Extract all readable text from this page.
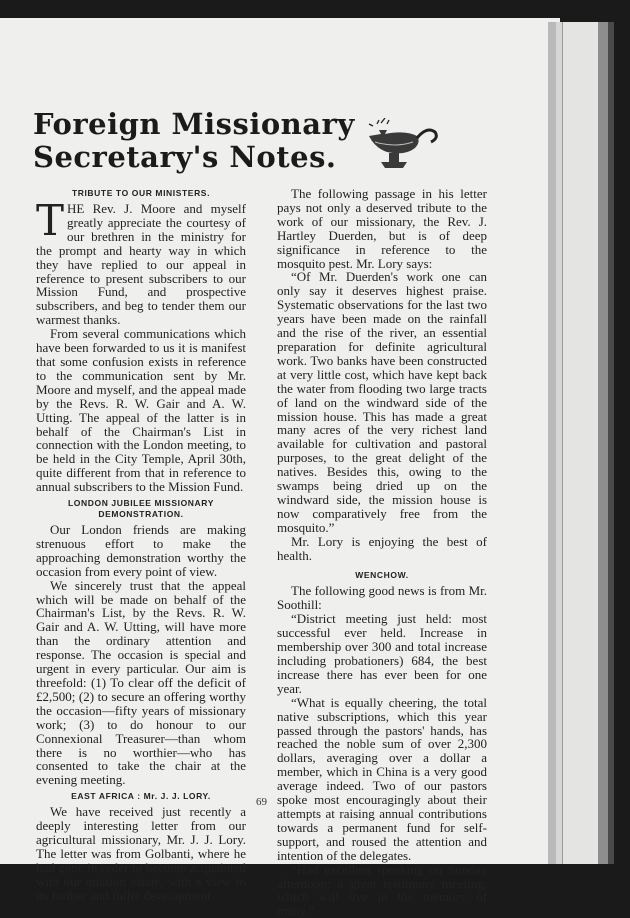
Foreign Missionary
Secretary's Notes.
TRIBUTE TO OUR MINISTERS.

THE Rev. J. Moore and myself greatly appreciate the courtesy of our brethren in the ministry for the prompt and hearty way in which they have replied to our appeal in reference to present subscribers to our Mission Fund, and prospective subscribers, and beg to tender them our warmest thanks.

From several communications which have been forwarded to us it is manifest that some confusion exists in reference to the communication sent by Mr. Moore and myself, and the appeal made by the Revs. R. W. Gair and A. W. Utting. The appeal of the latter is in behalf of the Chairman's List in connection with the London meeting, to be held in the City Temple, April 30th, quite different from that in reference to annual subscribers to the Mission Fund.

LONDON JUBILEE MISSIONARY
DEMONSTRATION.

Our London friends are making strenuous effort to make the approaching demonstration worthy the occasion from every point of view.

We sincerely trust that the appeal which will be made on behalf of the Chairman's List, by the Revs. R. W. Gair and A. W. Utting, will have more than the ordinary attention and response. The occasion is special and urgent in every particular. Our aim is threefold: (1) To clear off the deficit of £2,500; (2) to secure an offering worthy the occasion—fifty years of missionary work; (3) to do honour to our Connexional Treasurer—than whom there is no worthier—who has consented to take the chair at the evening meeting.

EAST AFRICA : Mr. J. J. LORY.

We have received just recently a deeply interesting letter from our agricultural missionary, Mr. J. J. Lory. The letter was from Golbanti, where he had gone in order to become acquainted with our mission estate, with a view to its further and fuller development.

The following passage in his letter pays not only a deserved tribute to the work of our missionary, the Rev. J. Hartley Duerden, but is of deep significance in reference to the mosquito pest. Mr. Lory says:

“Of Mr. Duerden's work one can only say it deserves highest praise. Systematic observations for the last two years have been made on the rainfall and the rise of the river, an essential preparation for definite agricultural work. Two banks have been constructed at very little cost, which have kept back the water from flooding two large tracts of land on the windward side of the mission house. This has made a great many acres of the very richest land available for cultivation and pastoral purposes, to the great delight of the natives. Besides this, owing to the swamps being dried up on the windward side, the mission house is now comparatively free from the mosquito.”

Mr. Lory is enjoying the best of health.

WENCHOW.

The following good news is from Mr. Soothill:

“District meeting just held: most successful ever held. Increase in membership over 300 and total increase including probationers) 684, the best increase there has ever been for one year.

“What is equally cheering, the total native subscriptions, which this year passed through the pastors' hands, has reached the noble sum of over 2,300 dollars, averaging over a dollar a member, which in China is a very good average indeed. Two of our pastors spoke most encouragingly about their attempts at raising annual contributions towards a permanent fund for self-support, and roused the attention and intention of the delegates.

“Had excellent speaking on Sunday afternoon; a great testimony meeting, which will live in the memory of many.”

69
